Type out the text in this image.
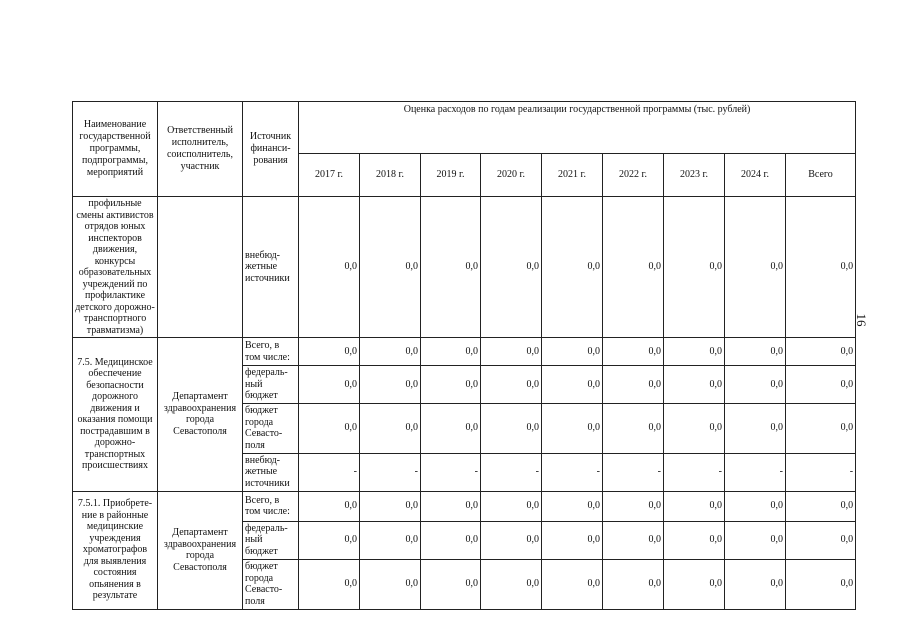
Наименование государственной программы, подпрограммы, мероприятий	Ответственный исполнитель, соисполнитель, участник	Источник финанси-рования	Оценка расходов по годам реализации государственной программы (тыс. рублей)								
			2017 г.	2018 г.	2019 г.	2020 г.	2021 г.	2022 г.	2023 г.	2024 г.	Всего
профильные смены активистов отрядов юных инспекторов движения, конкурсы образовательных учреждений по профилактике детского дорожно-транспортного травматизма)		внебюд-жетные источники	0,0	0,0	0,0	0,0	0,0	0,0	0,0	0,0	0,0
7.5. Медицинское обеспечение безопасности дорожного движения и оказания помощи пострадавшим в дорожно-транспортных происшествиях	Департамент здравоохранения города Севастополя	Всего, в том числе:	0,0	0,0	0,0	0,0	0,0	0,0	0,0	0,0	0,0
		федераль-ный бюджет	0,0	0,0	0,0	0,0	0,0	0,0	0,0	0,0	0,0
		бюджет города Севасто-поля	0,0	0,0	0,0	0,0	0,0	0,0	0,0	0,0	0,0
		внебюд-жетные источники	-	-	-	-	-	-	-	-	-
7.5.1. Приобрете-ние в районные медицинские учреждения хроматографов для выявления состояния опьянения в результате	Департамент здравоохранения города Севастополя	Всего, в том числе:	0,0	0,0	0,0	0,0	0,0	0,0	0,0	0,0	0,0
		федераль-ный бюджет	0,0	0,0	0,0	0,0	0,0	0,0	0,0	0,0	0,0
		бюджет города Севасто-поля	0,0	0,0	0,0	0,0	0,0	0,0	0,0	0,0	0,0
16
